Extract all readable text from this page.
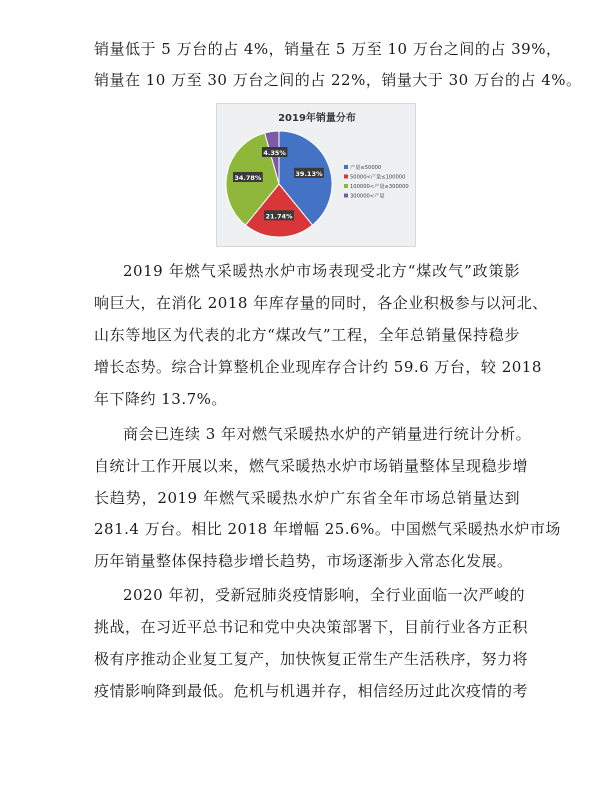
销量低于 5 万台的占 4%，销量在 5 万至 10 万台之间的占 39%，
销量在 10 万至 30 万台之间的占 22%，销量大于 30 万台的占 4%。
2019年销量分布
39.13%
21.74%
34.78%
4.35%
产量≤50000
50000<产量≤100000
100000<产量≤300000
300000<产量
2019 年燃气采暖热水炉市场表现受北方“煤改气”政策影
响巨大，在消化 2018 年库存量的同时，各企业积极参与以河北、
山东等地区为代表的北方“煤改气”工程，全年总销量保持稳步
增长态势。综合计算整机企业现库存合计约 59.6 万台，较 2018
年下降约 13.7%。
商会已连续 3 年对燃气采暖热水炉的产销量进行统计分析。
自统计工作开展以来，燃气采暖热水炉市场销量整体呈现稳步增
长趋势，2019 年燃气采暖热水炉广东省全年市场总销量达到
281.4 万台。相比 2018 年增幅 25.6%。中国燃气采暖热水炉市场
历年销量整体保持稳步增长趋势，市场逐渐步入常态化发展。
2020 年初，受新冠肺炎疫情影响，全行业面临一次严峻的
挑战，在习近平总书记和党中央决策部署下，目前行业各方正积
极有序推动企业复工复产，加快恢复正常生产生活秩序，努力将
疫情影响降到最低。危机与机遇并存，相信经历过此次疫情的考
